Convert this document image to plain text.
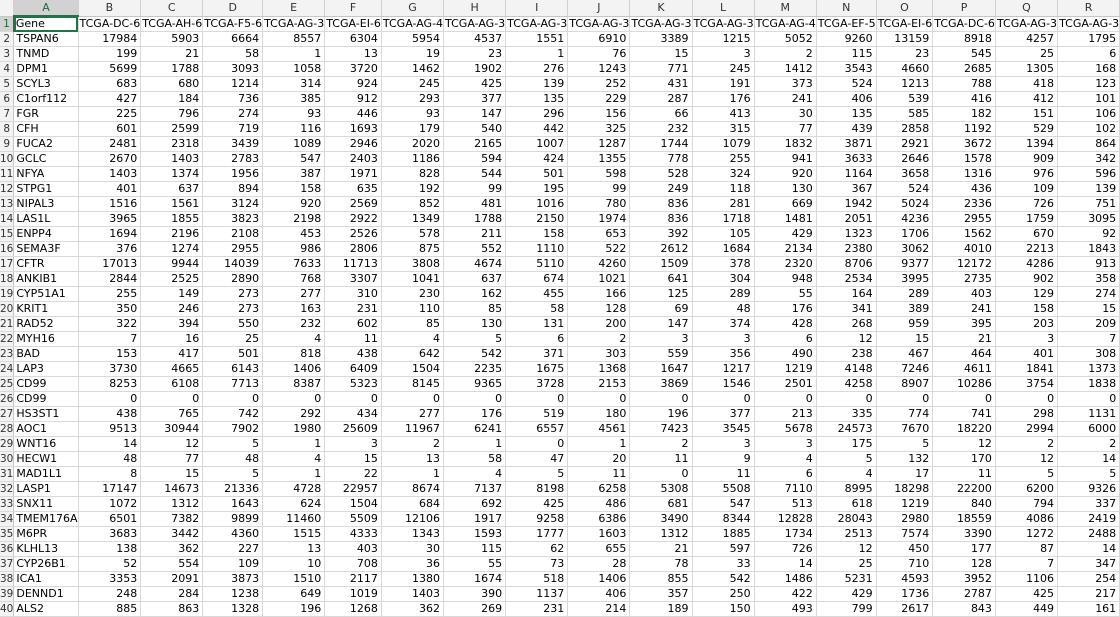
	A	B	C	D	E	F	G	H	I	J	K	L	M	N	O	P	Q	R
1	Gene	TCGA-DC-6	TCGA-AH-6	TCGA-F5-6	TCGA-AG-3	TCGA-EI-6	TCGA-AG-4	TCGA-AG-3	TCGA-AG-3	TCGA-AG-3	TCGA-AG-3	TCGA-AG-3	TCGA-AG-4	TCGA-EF-5	TCGA-EI-6	TCGA-DC-6	TCGA-AG-3	TCGA-AG-3
2	TSPAN6	17984	5903	6664	8557	6304	5954	4537	1551	6910	3389	1215	5052	9260	13159	8918	4257	1795
3	TNMD	199	21	58	1	13	19	23	1	76	15	3	2	115	23	545	25	6
4	DPM1	5699	1788	3093	1058	3720	1462	1902	276	1243	771	245	1412	3543	4660	2685	1305	168
5	SCYL3	683	680	1214	314	924	245	425	139	252	431	191	373	524	1213	788	418	123
6	C1orf112	427	184	736	385	912	293	377	135	229	287	176	241	406	539	416	412	101
7	FGR	225	796	274	93	446	93	147	296	156	66	413	30	135	585	182	151	106
8	CFH	601	2599	719	116	1693	179	540	442	325	232	315	77	439	2858	1192	529	102
9	FUCA2	2481	2318	3439	1089	2946	2020	2165	1007	1287	1744	1079	1832	3871	2921	3672	1394	864
10	GCLC	2670	1403	2783	547	2403	1186	594	424	1355	778	255	941	3633	2646	1578	909	342
11	NFYA	1403	1374	1956	387	1971	828	544	501	598	528	324	920	1164	3658	1316	976	596
12	STPG1	401	637	894	158	635	192	99	195	99	249	118	130	367	524	436	109	139
13	NIPAL3	1516	1561	3124	920	2569	852	481	1016	780	836	281	669	1942	5024	2336	726	751
14	LAS1L	3965	1855	3823	2198	2922	1349	1788	2150	1974	836	1718	1481	2051	4236	2955	1759	3095
15	ENPP4	1694	2196	2108	453	2526	578	211	158	653	392	105	429	1323	1706	1562	670	92
16	SEMA3F	376	1274	2955	986	2806	875	552	1110	522	2612	1684	2134	2380	3062	4010	2213	1843
17	CFTR	17013	9944	14039	7633	11713	3808	4674	5110	4260	1509	378	2320	8706	9377	12172	4286	913
18	ANKIB1	2844	2525	2890	768	3307	1041	637	674	1021	641	304	948	2534	3995	2735	902	358
19	CYP51A1	255	149	273	277	310	230	162	455	166	125	289	55	164	289	403	129	274
20	KRIT1	350	246	273	163	231	110	85	58	128	69	48	176	341	389	241	158	15
21	RAD52	322	394	550	232	602	85	130	131	200	147	374	428	268	959	395	203	209
22	MYH16	7	16	25	4	11	4	5	6	2	3	3	6	12	15	21	3	7
23	BAD	153	417	501	818	438	642	542	371	303	559	356	490	238	467	464	401	308
24	LAP3	3730	4665	6143	1406	6409	1504	2235	1675	1368	1647	1217	1219	4148	7246	4611	1841	1373
25	CD99	8253	6108	7713	8387	5323	8145	9365	3728	2153	3869	1546	2501	4258	8907	10286	3754	1838
26	CD99	0	0	0	0	0	0	0	0	0	0	0	0	0	0	0	0	0
27	HS3ST1	438	765	742	292	434	277	176	519	180	196	377	213	335	774	741	298	1131
28	AOC1	9513	30944	7902	1980	25609	11967	6241	6557	4561	7423	3545	5678	24573	7670	18220	2994	6000
29	WNT16	14	12	5	1	3	2	1	0	1	2	3	3	175	5	12	2	2
30	HECW1	48	77	48	4	15	13	58	47	20	11	9	4	5	132	170	12	14
31	MAD1L1	8	15	5	1	22	1	4	5	11	0	11	6	4	17	11	5	5
32	LASP1	17147	14673	21336	4728	22957	8674	7137	8198	6258	5308	5508	7110	8995	18298	22200	6200	9326
33	SNX11	1072	1312	1643	624	1504	684	692	425	486	681	547	513	618	1219	840	794	337
34	TMEM176A	6501	7382	9899	11460	5509	12106	1917	9258	6386	3490	8344	12828	28043	2980	18559	4086	2419
35	M6PR	3683	3442	4360	1515	4333	1343	1593	1777	1603	1312	1885	1734	2513	7574	3390	1272	2488
36	KLHL13	138	362	227	13	403	30	115	62	655	21	597	726	12	450	177	87	14
37	CYP26B1	52	554	109	10	708	36	55	73	28	78	33	14	25	710	128	7	347
38	ICA1	3353	2091	3873	1510	2117	1380	1674	518	1406	855	542	1486	5231	4593	3952	1106	254
39	DENND1	248	284	1238	649	1019	1403	390	1137	406	357	250	422	429	1736	2787	425	217
40	ALS2	885	863	1328	196	1268	362	269	231	214	189	150	493	799	2617	843	449	161
